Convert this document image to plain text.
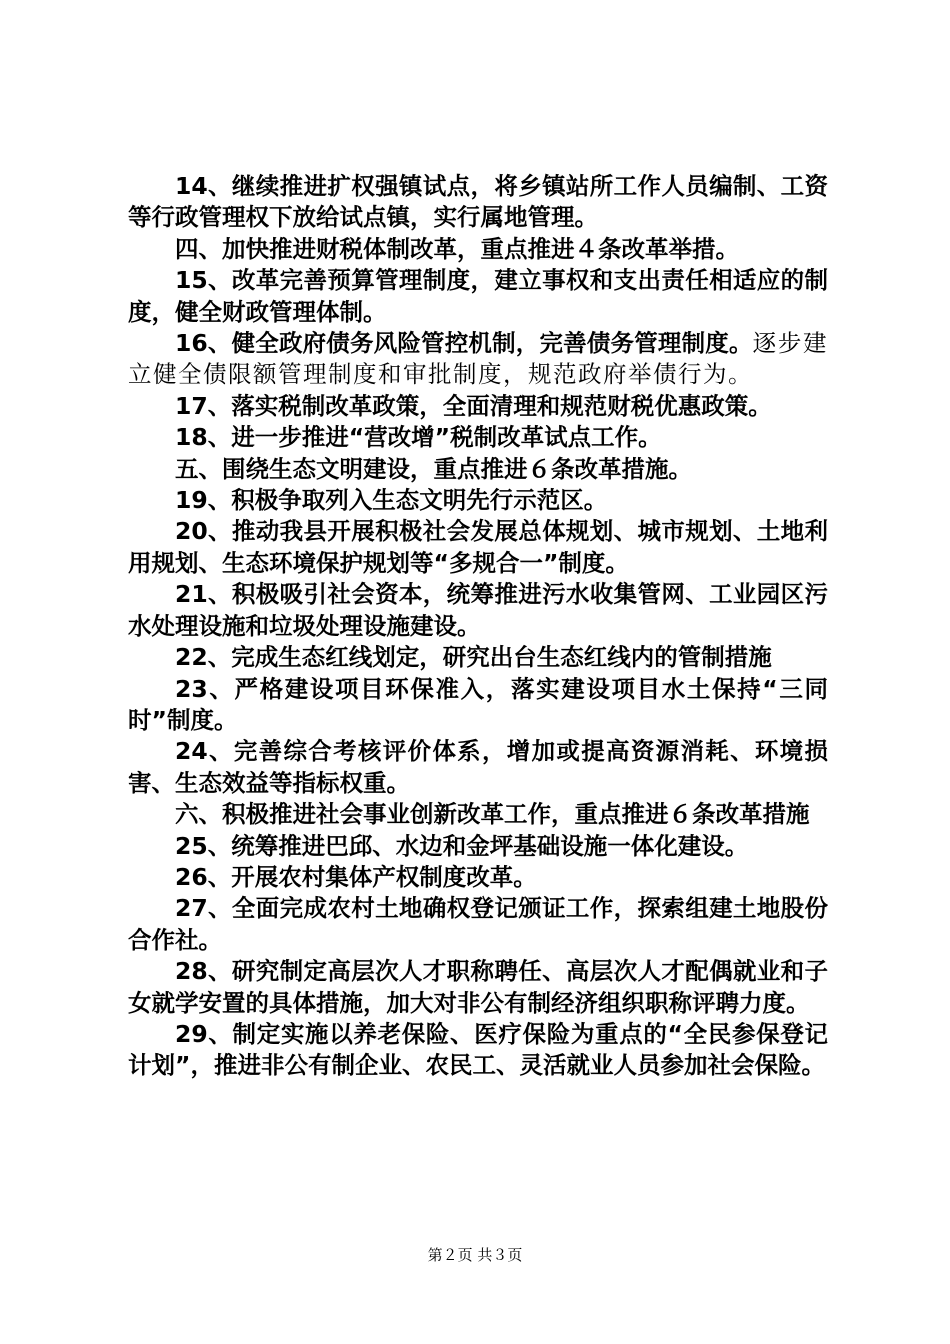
14、继续推进扩权强镇试点，将乡镇站所工作人员编制、工资等行政管理权下放给试点镇，实行属地管理。

四、加快推进财税体制改革，重点推进４条改革举措。

15、改革完善预算管理制度，建立事权和支出责任相适应的制度，健全财政管理体制。

16、健全政府债务风险管控机制，完善债务管理制度。逐步建立健全债限额管理制度和审批制度，规范政府举债行为。

17、落实税制改革政策，全面清理和规范财税优惠政策。

18、进一步推进“营改增”税制改革试点工作。

五、围绕生态文明建设，重点推进６条改革措施。

19、积极争取列入生态文明先行示范区。

20、推动我县开展积极社会发展总体规划、城市规划、土地利用规划、生态环境保护规划等“多规合一”制度。

21、积极吸引社会资本，统筹推进污水收集管网、工业园区污水处理设施和垃圾处理设施建设。

22、完成生态红线划定，研究出台生态红线内的管制措施

23、严格建设项目环保准入，落实建设项目水土保持“三同时”制度。

24、完善综合考核评价体系，增加或提高资源消耗、环境损害、生态效益等指标权重。

六、积极推进社会事业创新改革工作，重点推进６条改革措施

25、统筹推进巴邱、水边和金坪基础设施一体化建设。

26、开展农村集体产权制度改革。

27、全面完成农村土地确权登记颁证工作，探索组建土地股份合作社。

28、研究制定高层次人才职称聘任、高层次人才配偶就业和子女就学安置的具体措施，加大对非公有制经济组织职称评聘力度。

29、制定实施以养老保险、医疗保险为重点的“全民参保登记计划”，推进非公有制企业、农民工、灵活就业人员参加社会保险。

第２页 共３页
